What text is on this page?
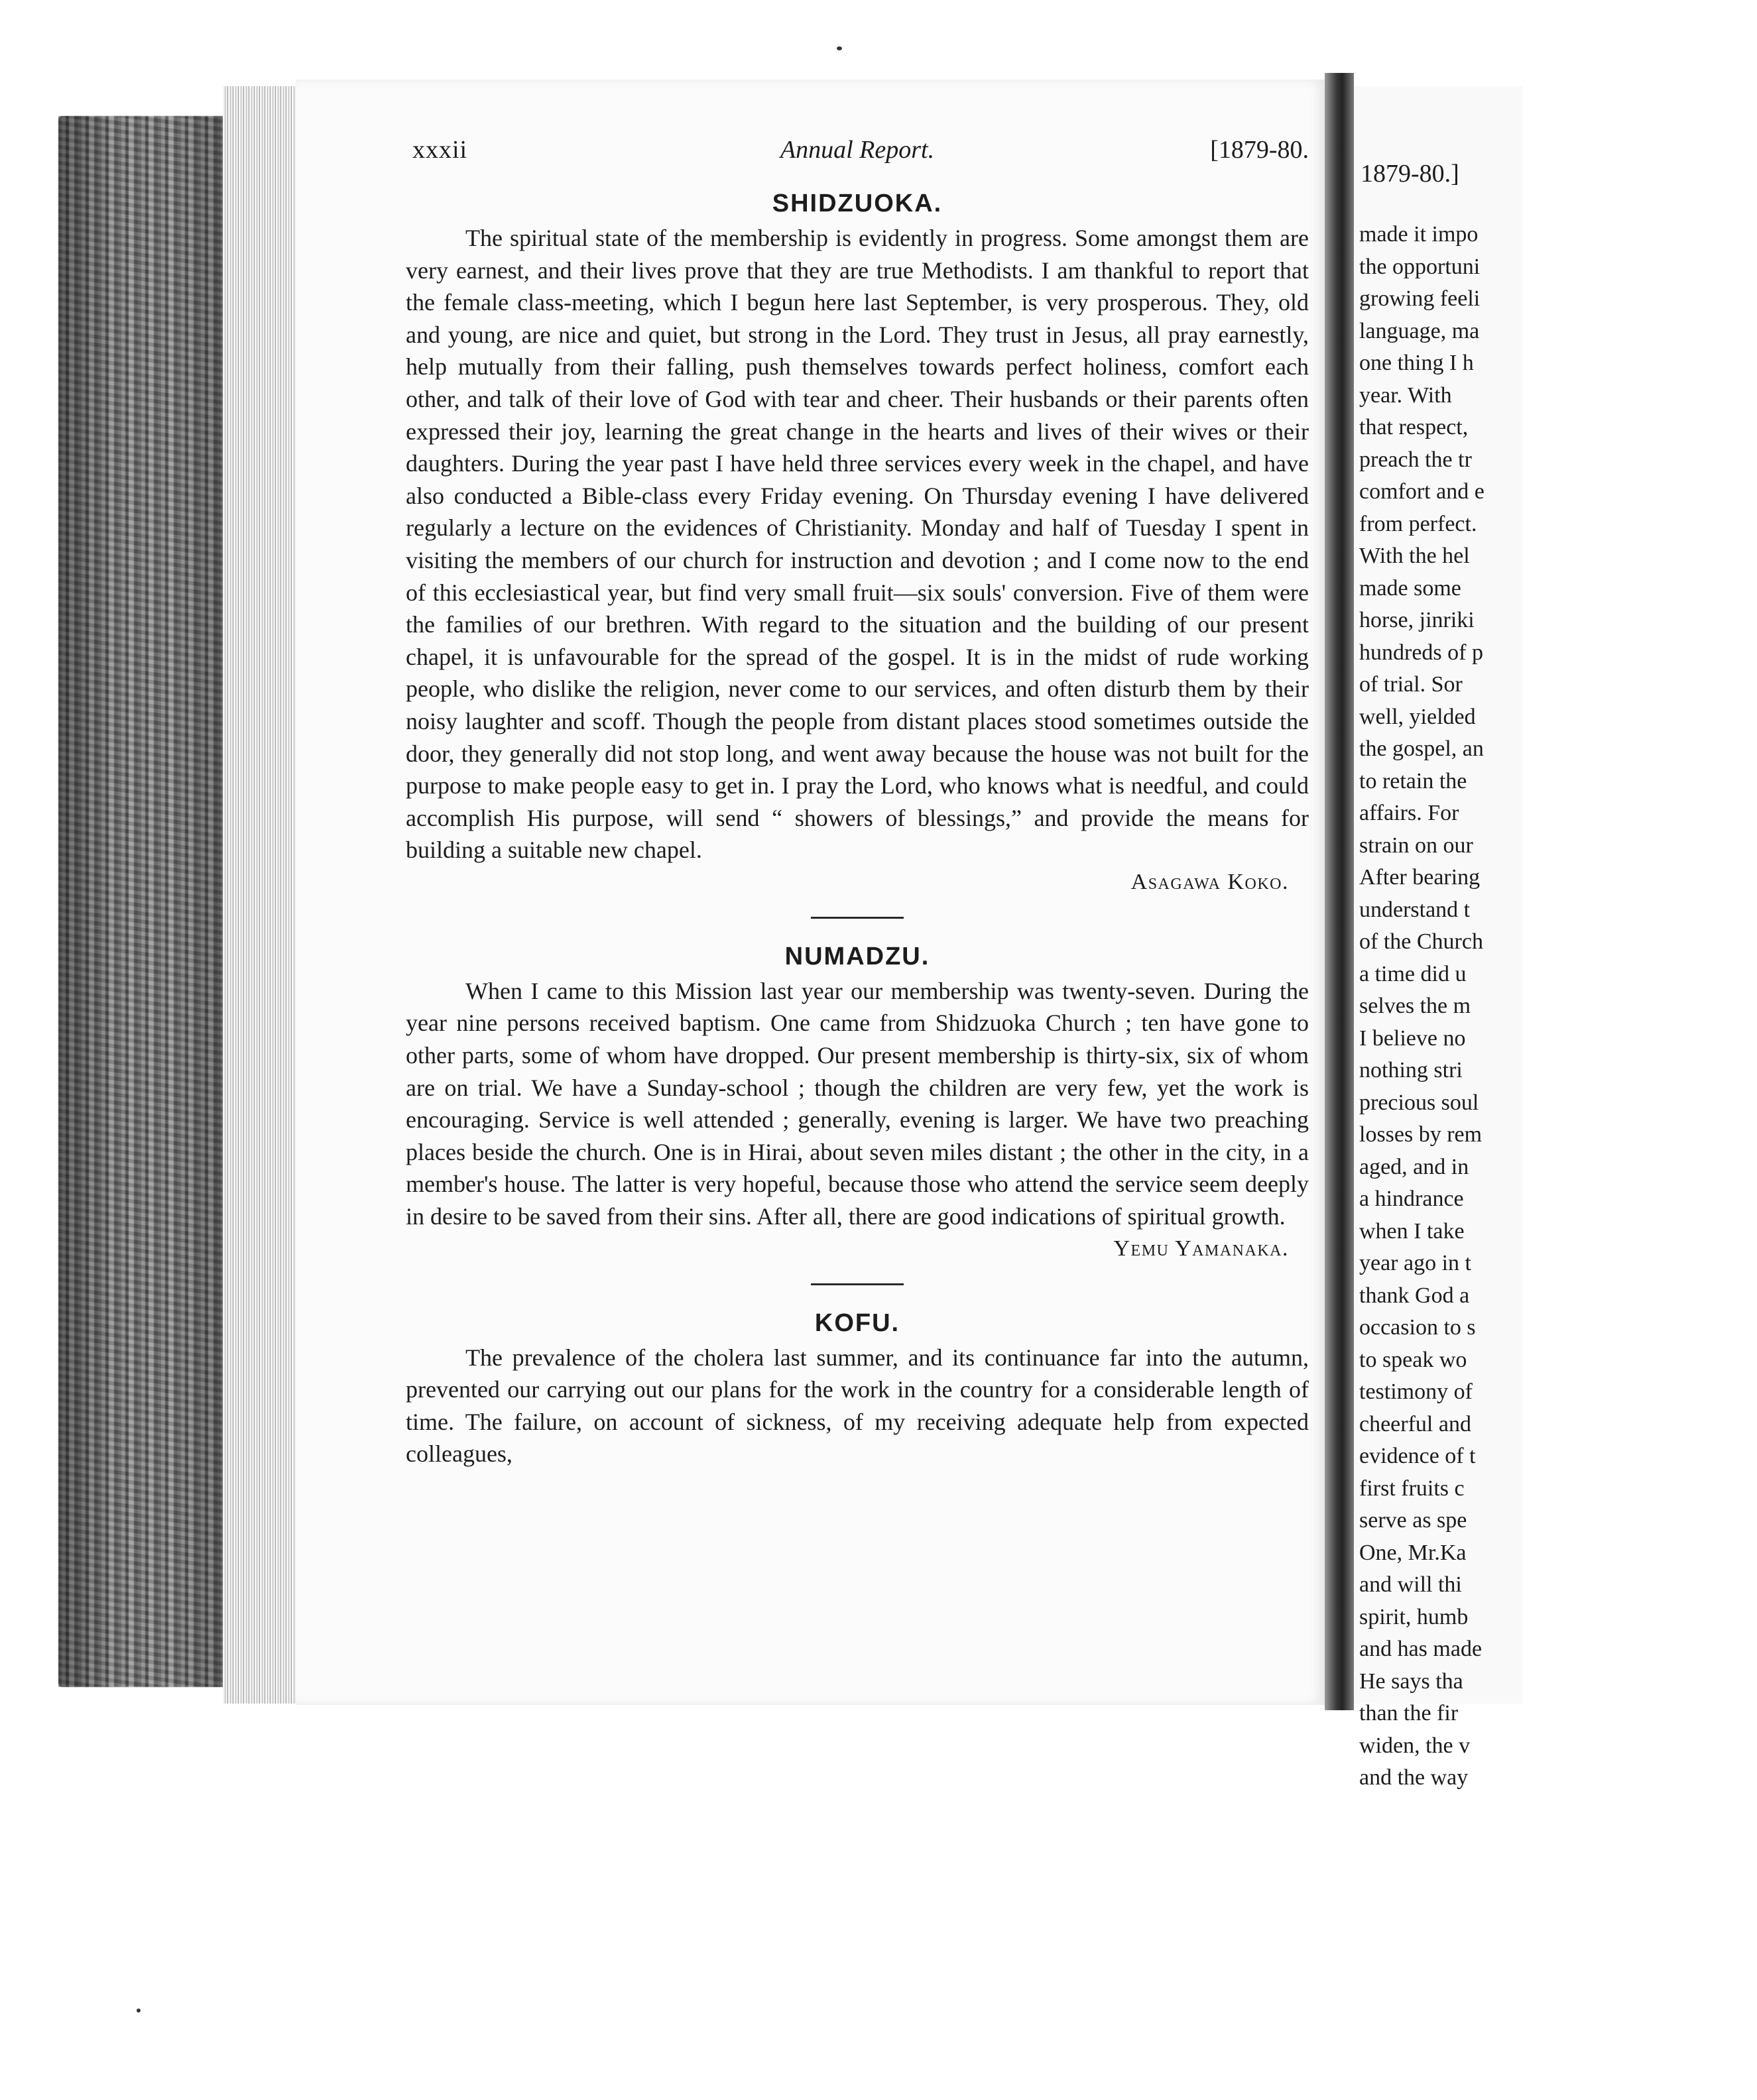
xxxii	Annual Report.	[1879-80.
SHIDZUOKA.

The spiritual state of the membership is evidently in progress. Some amongst them are very earnest, and their lives prove that they are true Methodists. I am thankful to report that the female class-meeting, which I begun here last September, is very prosperous. They, old and young, are nice and quiet, but strong in the Lord. They trust in Jesus, all pray earnestly, help mutually from their falling, push themselves towards perfect holiness, comfort each other, and talk of their love of God with tear and cheer. Their husbands or their parents often expressed their joy, learning the great change in the hearts and lives of their wives or their daughters. During the year past I have held three services every week in the chapel, and have also conducted a Bible-class every Friday evening. On Thursday evening I have delivered regularly a lecture on the evidences of Christianity. Monday and half of Tuesday I spent in visiting the members of our church for instruction and devotion ; and I come now to the end of this ecclesiastical year, but find very small fruit—six souls' conversion. Five of them were the families of our brethren. With regard to the situation and the building of our present chapel, it is unfavourable for the spread of the gospel. It is in the midst of rude working people, who dislike the religion, never come to our services, and often disturb them by their noisy laughter and scoff. Though the people from distant places stood sometimes outside the door, they generally did not stop long, and went away because the house was not built for the purpose to make people easy to get in. I pray the Lord, who knows what is needful, and could accomplish His purpose, will send “ showers of blessings,” and provide the means for building a suitable new chapel.

Asagawa Koko.
NUMADZU.

When I came to this Mission last year our membership was twenty-seven. During the year nine persons received baptism. One came from Shidzuoka Church ; ten have gone to other parts, some of whom have dropped. Our present membership is thirty-six, six of whom are on trial. We have a Sunday-school ; though the children are very few, yet the work is encouraging. Service is well attended ; generally, evening is larger. We have two preaching places beside the church. One is in Hirai, about seven miles distant ; the other in the city, in a member's house. The latter is very hopeful, because those who attend the service seem deeply in desire to be saved from their sins. After all, there are good indications of spiritual growth.

Yemu Yamanaka.
KOFU.

The prevalence of the cholera last summer, and its continuance far into the autumn, prevented our carrying out our plans for the work in the country for a considerable length of time. The failure, on account of sickness, of my receiving adequate help from expected colleagues,

1879-80.]
made it impo
the opportuni
growing feeli
language, ma
one thing I h
year. With
that respect,
preach the tr
comfort and e
from perfect.
With the hel
made some
horse, jinriki
hundreds of p
of trial. Sor
well, yielded
the gospel, an
to retain the
affairs. For
strain on our
After bearing
understand t
of the Church
a time did u
selves the m
I believe no
nothing stri
precious soul
losses by rem
aged, and in
a hindrance
when I take
year ago in t
thank God a
occasion to s
to speak wo
testimony of
cheerful and
evidence of t
first fruits c
serve as spe
One, Mr.Ka
and will thi
spirit, humb
and has made
He says tha
than the fir
widen, the v
and the way
